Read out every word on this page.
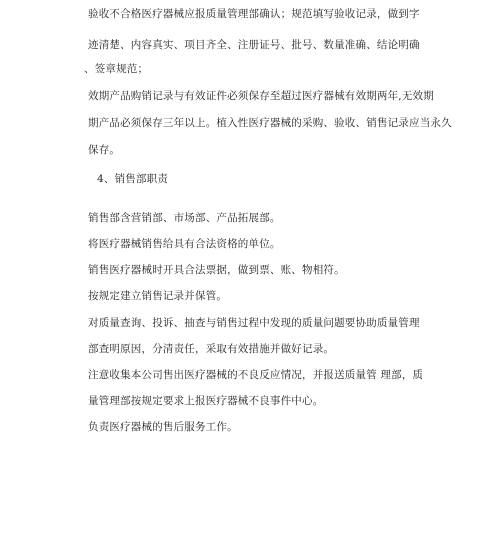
验收不合格医疗器械应报质量管理部确认；规范填写验收记录，做到字
迹清楚、内容真实、项目齐全、注册证号、批号、数量准确、结论明确
、签章规范；
效期产品购销记录与有效证件必须保存至超过医疗器械有效期两年,无效期
期产品必须保存三年以上。植入性医疗器械的采购、验收、销售记录应当永久
保存。
4、销售部职责
销售部含营销部、市场部、产品拓展部。
将医疗器械销售给具有合法资格的单位。
销售医疗器械时开具合法票据，做到票、账、物相符。
按规定建立销售记录并保管。
对质量查询、投诉、抽查与销售过程中发现的质量问题要协助质量管理
部查明原因，分清责任，采取有效措施并做好记录。
注意收集本公司售出医疗器械的不良反应情况，并报送质量管 理部，质
量管理部按规定要求上报医疗器械不良事件中心。
负责医疗器械的售后服务工作。
